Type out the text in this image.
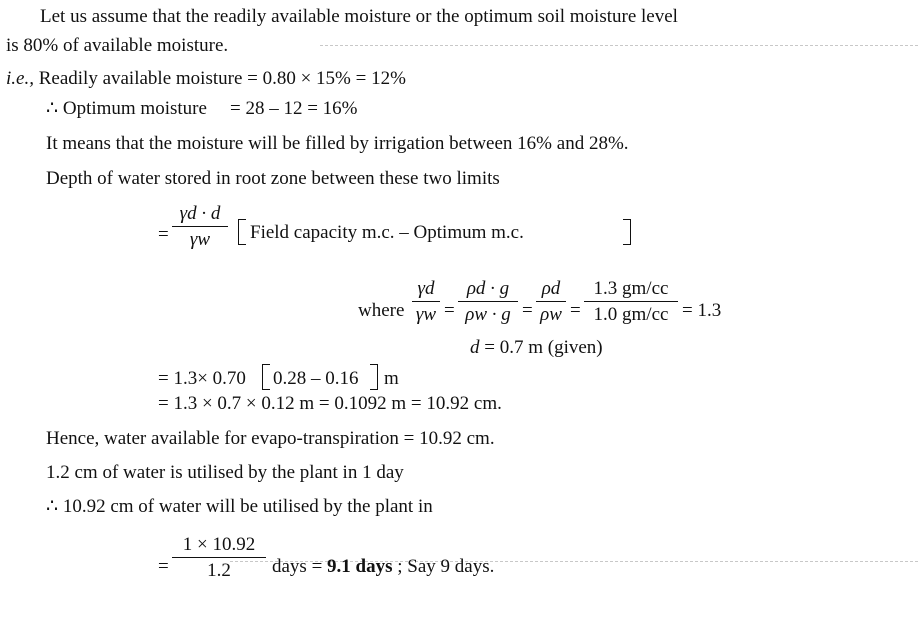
Let us assume that the readily available moisture or the optimum soil moisture level
is 80% of available moisture.
i.e., Readily available moisture = 0.80 × 15% = 12%
∴ Optimum moisture = 28 – 12 = 16%
It means that the moisture will be filled by irrigation between 16% and 28%.
Depth of water stored in root zone between these two limits
=
γd · d
γw	Field capacity m.c. – Optimum m.c.
where
γd
γw =
ρd · g
ρw · g =
ρd
ρw =
1.3 gm/cc
1.0 gm/cc = 1.3
d = 0.7 m (given)
= 1.3× 0.70 0.28 – 0.16 m
= 1.3 × 0.7 × 0.12 m = 0.1092 m = 10.92 cm.
Hence, water available for evapo-transpiration = 10.92 cm.
1.2 cm of water is utilised by the plant in 1 day
∴ 10.92 cm of water will be utilised by the plant in
=
1 × 10.92
1.2	days = 9.1 days ; Say 9 days.
